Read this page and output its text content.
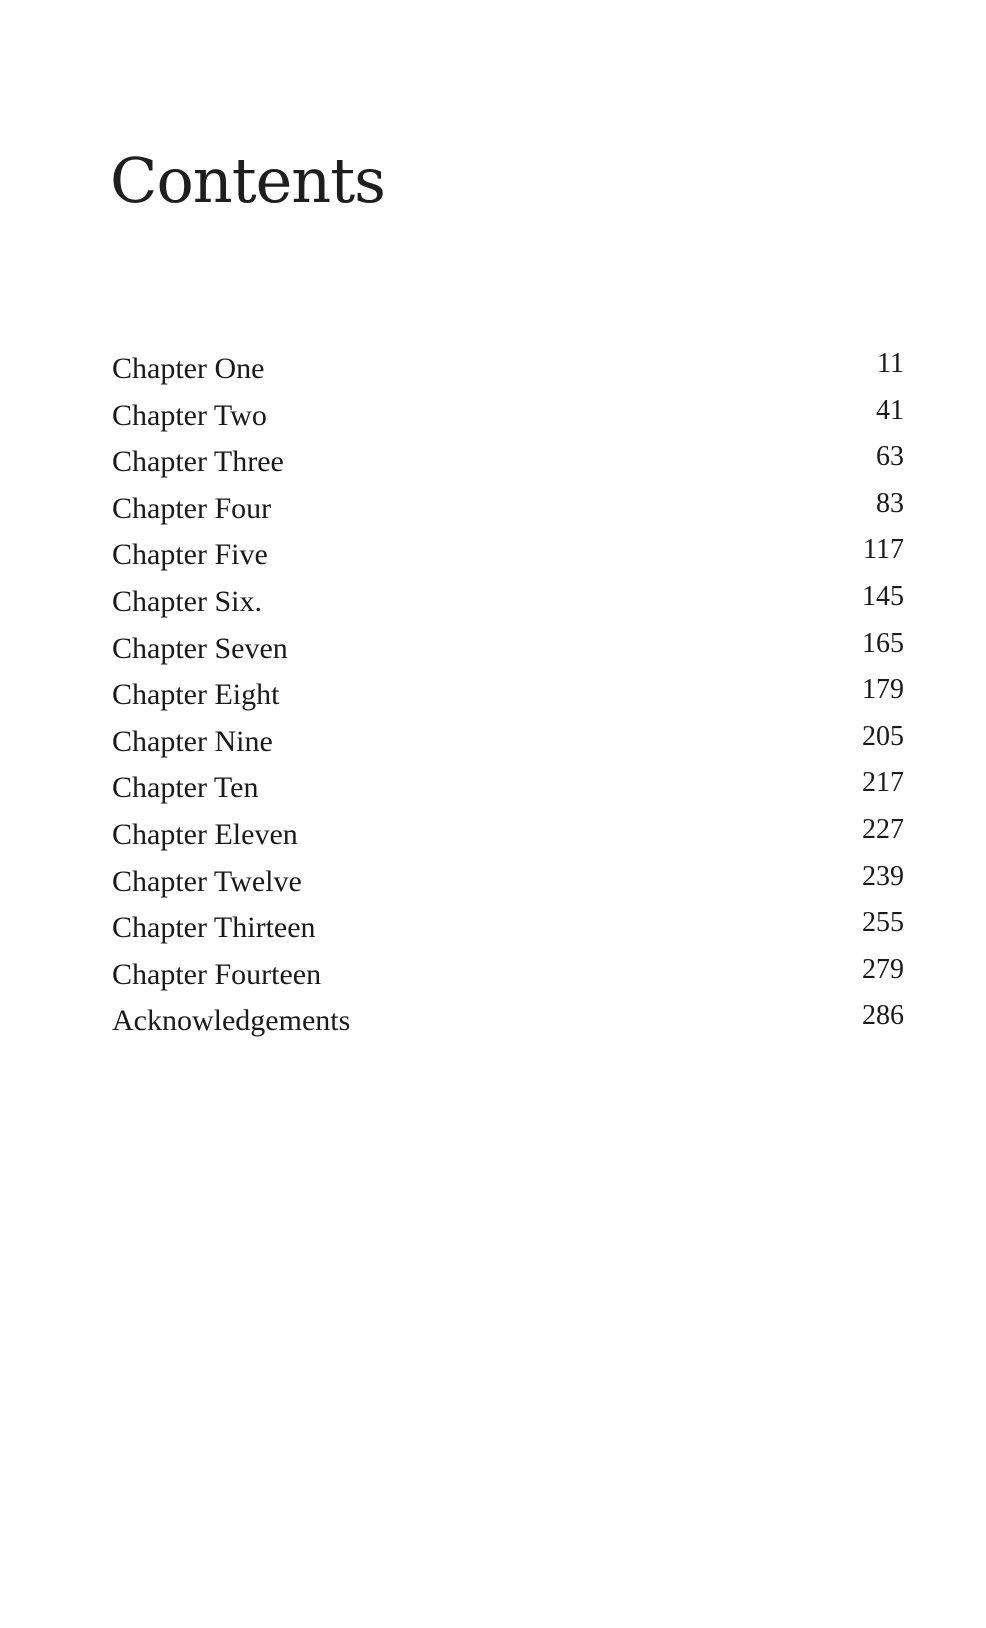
Contents
Chapter One	11
Chapter Two	41
Chapter Three	63
Chapter Four	83
Chapter Five	117
Chapter Six.	145
Chapter Seven	165
Chapter Eight	179
Chapter Nine	205
Chapter Ten	217
Chapter Eleven	227
Chapter Twelve	239
Chapter Thirteen	255
Chapter Fourteen	279
Acknowledgements	286
